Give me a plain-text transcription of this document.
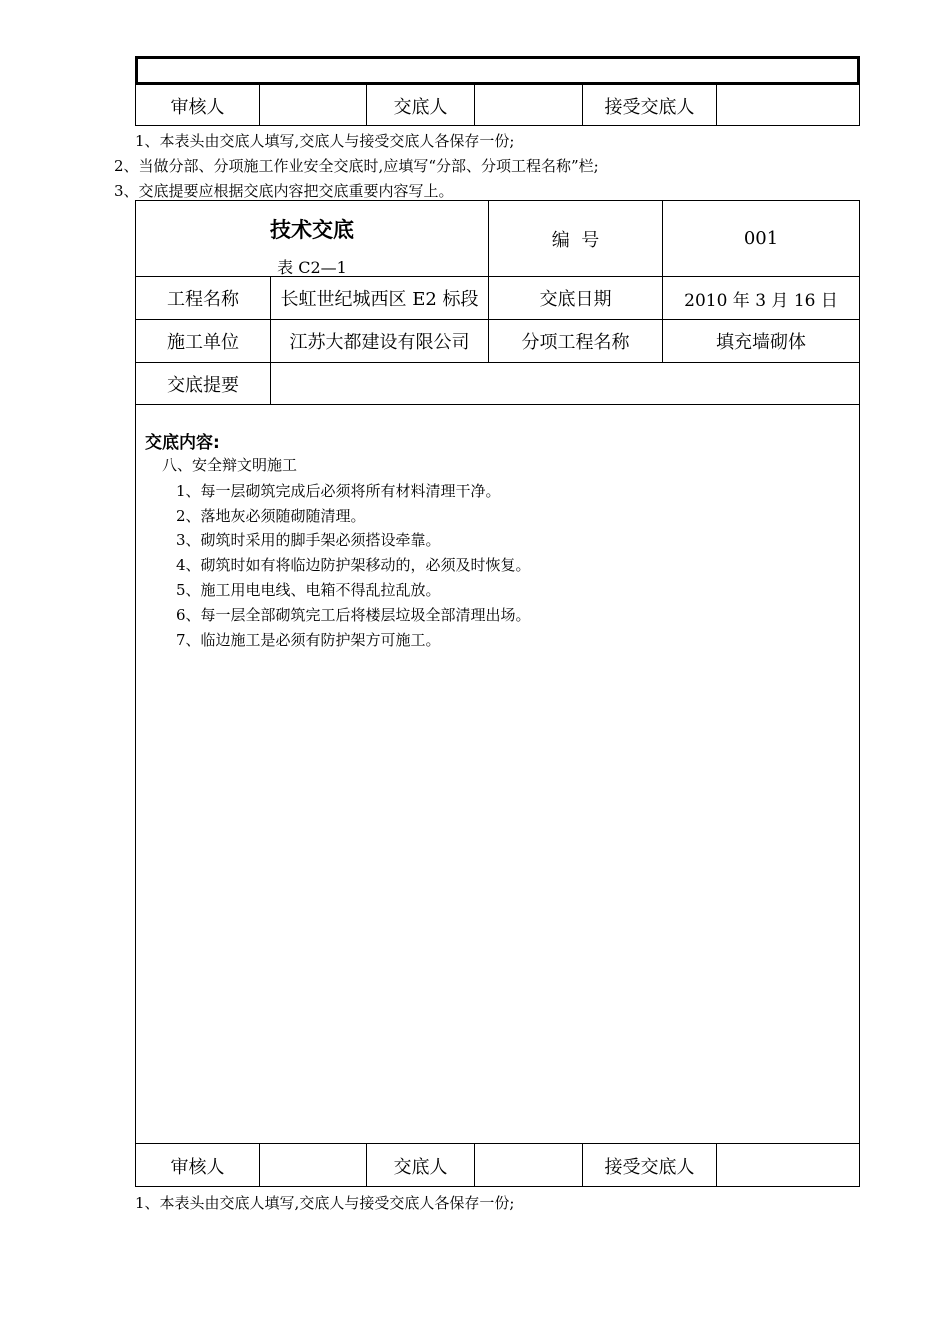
审核人	交底人	接受交底人
1、本表头由交底人填写,交底人与接受交底人各保存一份;
2、当做分部、分项施工作业安全交底时,应填写“分部、分项工程名称”栏;
3、交底提要应根据交底内容把交底重要内容写上。
技术交底
表 C2—1
编  号	001
工程名称	长虹世纪城西区 E2 标段	交底日期	2010 年 3 月 16 日
施工单位	江苏大都建设有限公司	分项工程名称	填充墙砌体
交底提要
交底内容:
八、安全辩文明施工
1、每一层砌筑完成后必须将所有材料清理干净。
2、落地灰必须随砌随清理。
3、砌筑时采用的脚手架必须搭设牵靠。
4、砌筑时如有将临边防护架移动的，必须及时恢复。
5、施工用电电线、电箱不得乱拉乱放。
6、每一层全部砌筑完工后将楼层垃圾全部清理出场。
7、临边施工是必须有防护架方可施工。
审核人	交底人	接受交底人
1、本表头由交底人填写,交底人与接受交底人各保存一份;
